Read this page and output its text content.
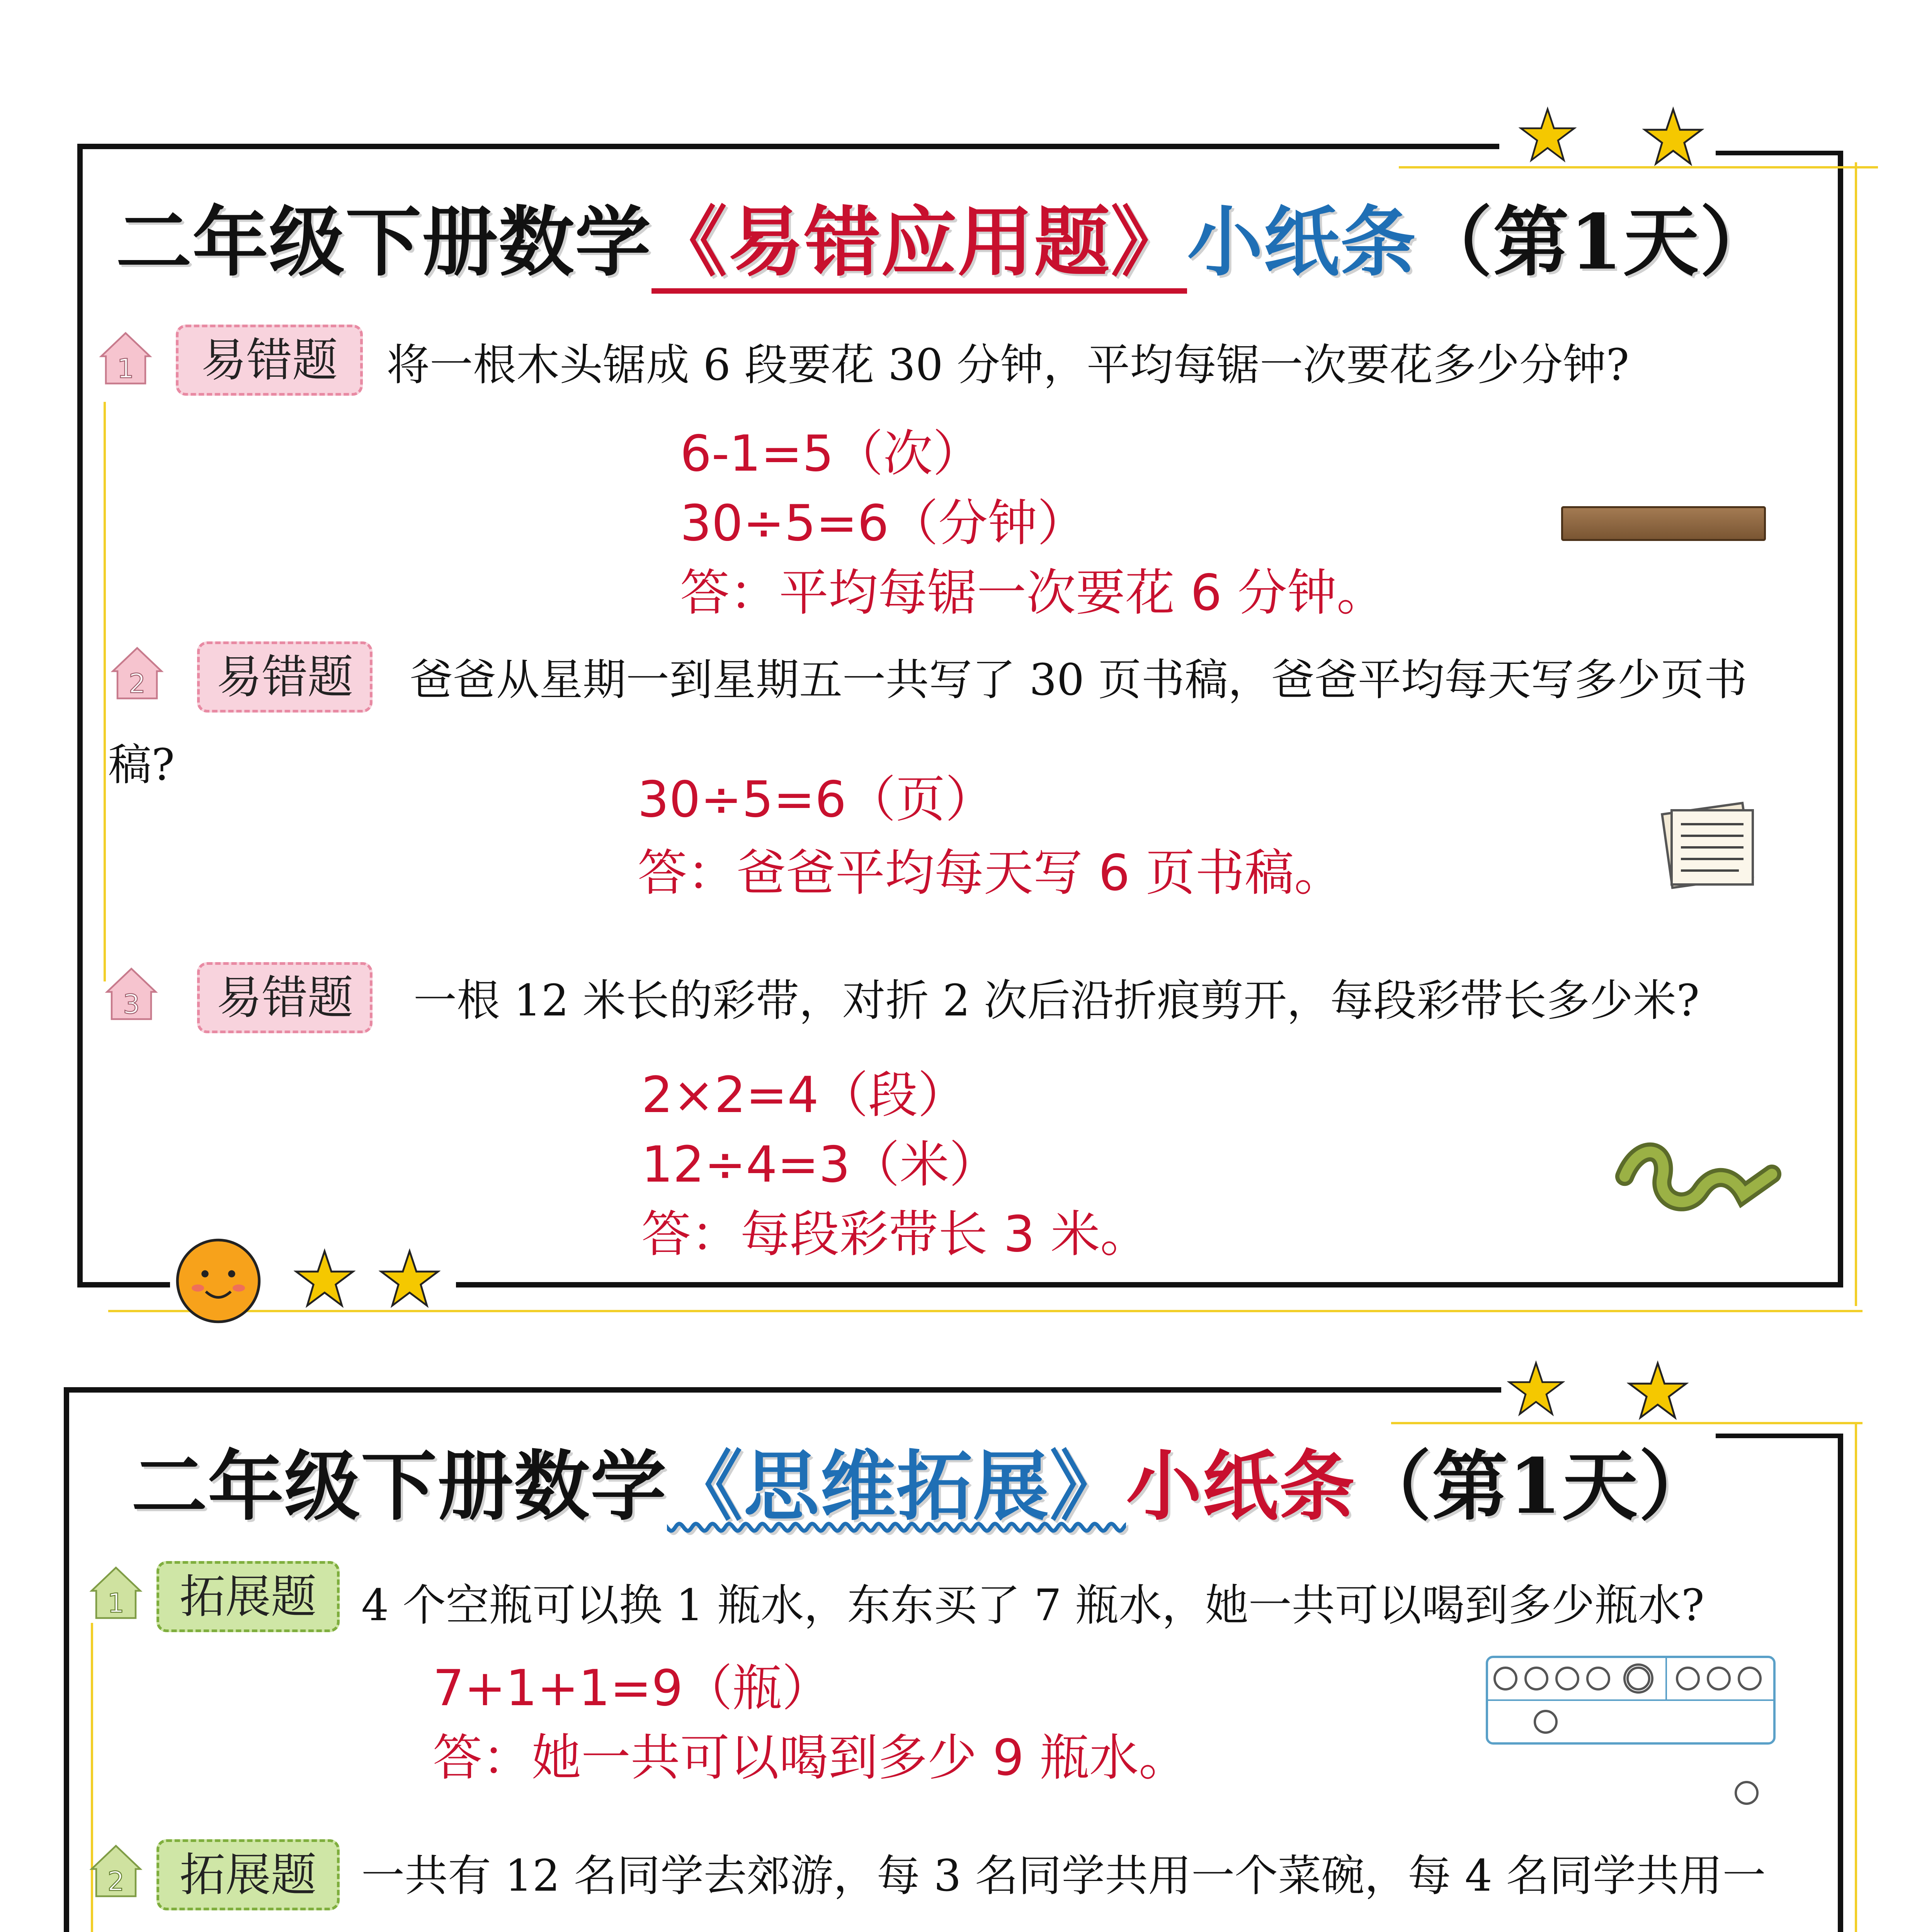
二年级下册数学《易错应用题》小纸条（第1天）
1	易错题	将一根木头锯成 6 段要花 30 分钟，平均每锯一次要花多少分钟?
6-1=5（次）
30÷5=6（分钟）
答：平均每锯一次要花 6 分钟。
2	易错题	爸爸从星期一到星期五一共写了 30 页书稿，爸爸平均每天写多少页书稿?
30÷5=6（页）
答：爸爸平均每天写 6 页书稿。
3	易错题	一根 12 米长的彩带，对折 2 次后沿折痕剪开，每段彩带长多少米?
2×2=4（段）
12÷4=3（米）
答：每段彩带长 3 米。
二年级下册数学《思维拓展》小纸条（第1天）
1	拓展题	4 个空瓶可以换 1 瓶水，东东买了 7 瓶水，她一共可以喝到多少瓶水?
7+1+1=9（瓶）
答：她一共可以喝到多少 9 瓶水。
2	拓展题	一共有 12 名同学去郊游，每 3 名同学共用一个菜碗，每 4 名同学共用一
